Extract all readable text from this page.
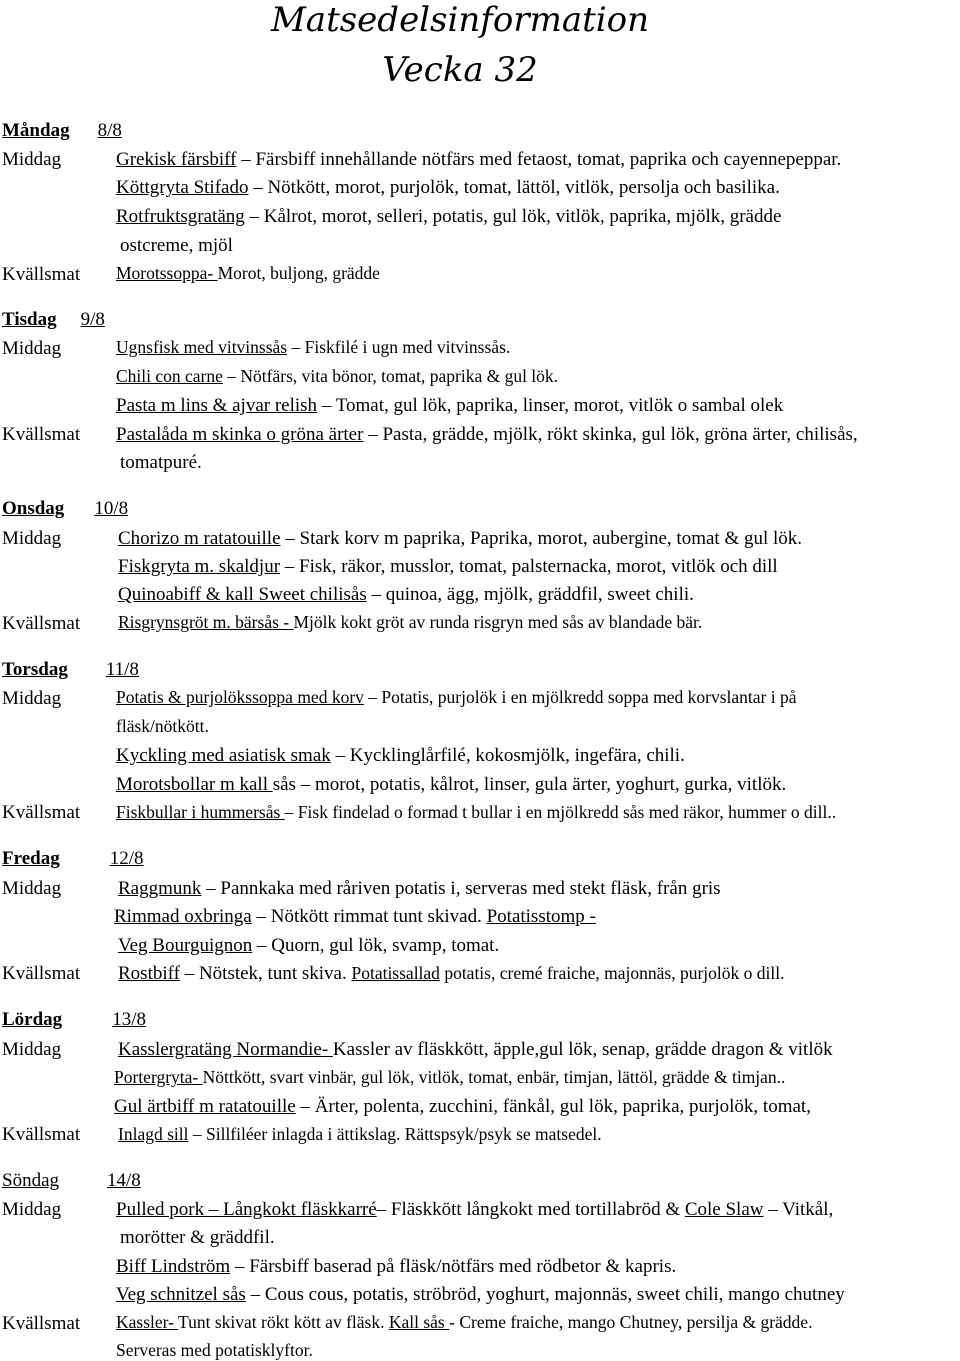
Matsedelsinformation
Vecka 32
Måndag 8/8
Middag	Grekisk färsbiff – Färsbiff innehållande nötfärs med fetaost, tomat, paprika och cayennepeppar.
Köttgryta Stifado – Nötkött, morot, purjolök, tomat, lättöl, vitlök, persolja och basilika.
Rotfruktsgratäng – Kålrot, morot, selleri, potatis, gul lök, vitlök, paprika, mjölk, grädde
ostcreme, mjöl
Kvällsmat Morotssoppa- Morot, buljong, grädde
Tisdag 9/8
Middag	Ugnsfisk med vitvinssås – Fiskfilé i ugn med vitvinssås.
Chili con carne – Nötfärs, vita bönor, tomat, paprika & gul lök.
Pasta m lins & ajvar relish – Tomat, gul lök, paprika, linser, morot, vitlök o sambal olek
Kvällsmat Pastalåda m skinka o gröna ärter – Pasta, grädde, mjölk, rökt skinka, gul lök, gröna ärter, chilisås,
tomatpuré.
Onsdag 10/8
Middag	Chorizo m ratatouille – Stark korv m paprika, Paprika, morot, aubergine, tomat & gul lök.
Fiskgryta m. skaldjur – Fisk, räkor, musslor, tomat, palsternacka, morot, vitlök och dill
Quinoabiff & kall Sweet chilisås – quinoa, ägg, mjölk, gräddfil, sweet chili.
Kvällsmat Risgrynsgröt m. bärsås - Mjölk kokt gröt av runda risgryn med sås av blandade bär.
Torsdag 11/8
Middag	Potatis & purjolökssoppa med korv – Potatis, purjolök i en mjölkredd soppa med korvslantar i på
fläsk/nötkött.
Kyckling med asiatisk smak – Kycklinglårfilé, kokosmjölk, ingefära, chili.
Morotsbollar m kall sås – morot, potatis, kålrot, linser, gula ärter, yoghurt, gurka, vitlök.
Kvällsmat Fiskbullar i hummersås – Fisk findelad o formad t bullar i en mjölkredd sås med räkor, hummer o dill..
Fredag	12/8
Middag	Raggmunk – Pannkaka med råriven potatis i, serveras med stekt fläsk, från gris
Rimmad oxbringa – Nötkött rimmat tunt skivad. Potatisstomp -
Veg Bourguignon – Quorn, gul lök, svamp, tomat.
Kvällsmat Rostbiff – Nötstek, tunt skiva. Potatissallad potatis, cremé fraiche, majonnäs, purjolök o dill.
Lördag	13/8
Middag	Kasslergratäng Normandie- Kassler av fläskkött, äpple,gul lök, senap, grädde dragon & vitlök
Portergryta- Nöttkött, svart vinbär, gul lök, vitlök, tomat, enbär, timjan, lättöl, grädde & timjan..
Gul ärtbiff m ratatouille – Ärter, polenta, zucchini, fänkål, gul lök, paprika, purjolök, tomat,
Kvällsmat Inlagd sill – Sillfiléer inlagda i ättikslag. Rättspsyk/psyk se matsedel.
Söndag	14/8
Middag	Pulled pork – Långkokt fläskkarré– Fläskkött långkokt med tortillabröd & Cole Slaw – Vitkål,
morötter & gräddfil.
Biff Lindström – Färsbiff baserad på fläsk/nötfärs med rödbetor & kapris.
Veg schnitzel sås – Cous cous, potatis, ströbröd, yoghurt, majonnäs, sweet chili, mango chutney
Kvällsmat Kassler- Tunt skivat rökt kött av fläsk. Kall sås - Creme fraiche, mango Chutney, persilja & grädde.
Serveras med potatisklyftor.
